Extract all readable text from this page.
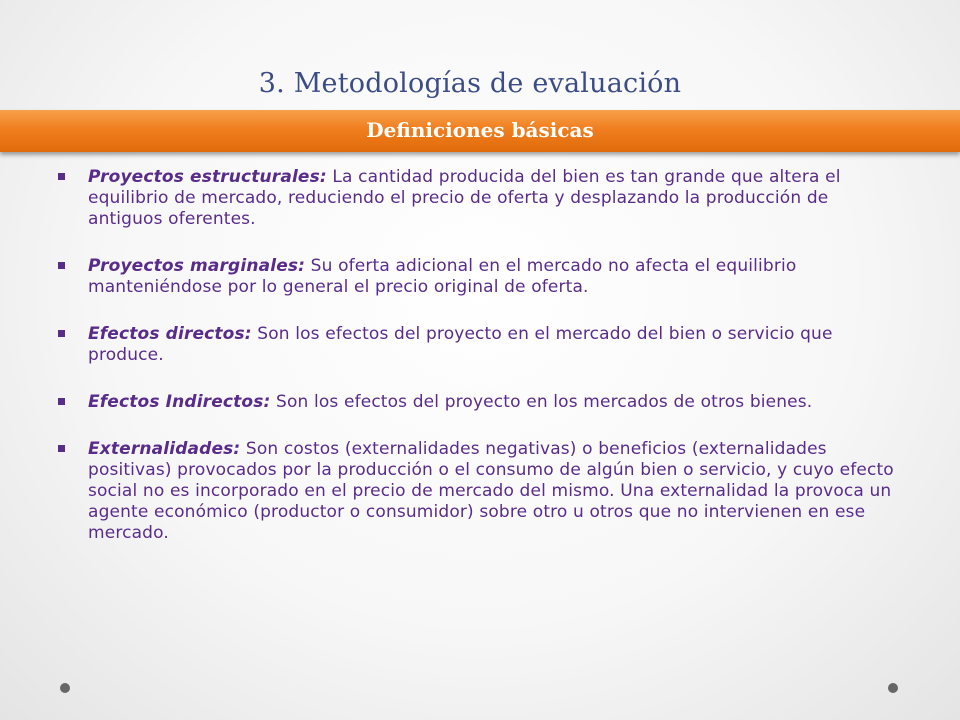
3. Metodologías de evaluación
Definiciones básicas
Proyectos estructurales: La cantidad producida del bien es tan grande que altera el equilibrio de mercado, reduciendo el precio de oferta y desplazando la producción de antiguos oferentes.
Proyectos marginales: Su oferta adicional en el mercado no afecta el equilibrio manteniéndose por lo general el precio original de oferta.
Efectos directos: Son los efectos del proyecto en el mercado del bien o servicio que produce.
Efectos Indirectos: Son los efectos del proyecto en los mercados de otros bienes.
Externalidades: Son costos (externalidades negativas) o beneficios (externalidades positivas) provocados por la producción o el consumo de algún bien o servicio, y cuyo efecto social no es incorporado en el precio de mercado del mismo. Una externalidad la provoca un agente económico (productor o consumidor) sobre otro u otros que no intervienen en ese mercado.
